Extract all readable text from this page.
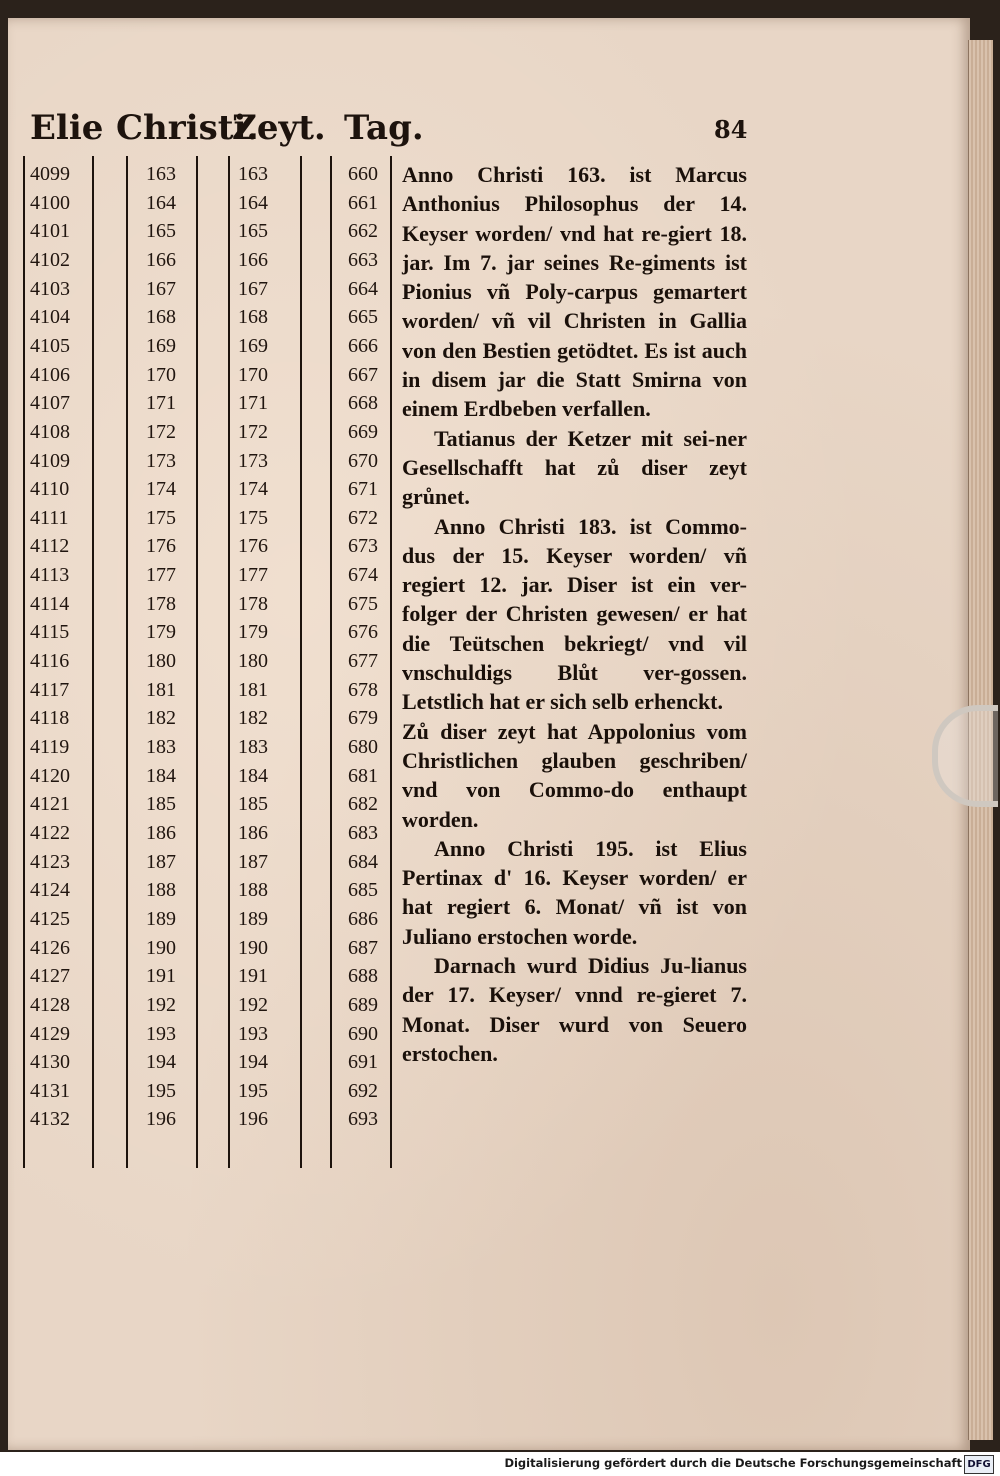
Elie Christi.
Zeyt. Tag.	84
4099
4100
4101
4102
4103
4104
4105
4106
4107
4108
4109
4110
4111
4112
4113
4114
4115
4116
4117
4118
4119
4120
4121
4122
4123
4124
4125
4126
4127
4128
4129
4130
4131
4132
163
164
165
166
167
168
169
170
171
172
173
174
175
176
177
178
179
180
181
182
183
184
185
186
187
188
189
190
191
192
193
194
195
196
163
164
165
166
167
168
169
170
171
172
173
174
175
176
177
178
179
180
181
182
183
184
185
186
187
188
189
190
191
192
193
194
195
196
660
661
662
663
664
665
666
667
668
669
670
671
672
673
674
675
676
677
678
679
680
681
682
683
684
685
686
687
688
689
690
691
692
693

Anno Christi 163. ist Marcus Anthonius Philosophus der 14. Keyser worden/ vnd hat re-giert 18. jar. Im 7. jar seines Re-giments ist Pionius vñ Poly-carpus gemartert worden/ vñ vil Christen in Gallia von den Bestien getödtet. Es ist auch in disem jar die Statt Smirna von einem Erdbeben verfallen.

Tatianus der Ketzer mit sei-ner Gesellschafft hat zů diser zeyt grůnet.

Anno Christi 183. ist Commo-dus der 15. Keyser worden/ vñ regiert 12. jar. Diser ist ein ver-folger der Christen gewesen/ er hat die Teütschen bekriegt/ vnd vil vnschuldigs Blůt ver-gossen. Letstlich hat er sich selb erhenckt.

Zů diser zeyt hat Appolonius vom Christlichen glauben geschriben/ vnd von Commo-do enthaupt worden.

Anno Christi 195. ist Elius Pertinax d' 16. Keyser worden/ er hat regiert 6. Monat/ vñ ist von Juliano erstochen worde.

Darnach wurd Didius Ju-lianus der 17. Keyser/ vnnd re-gieret 7. Monat. Diser wurd von Seuero erstochen.

Digitalisierung gefördert durch die Deutsche Forschungsgemeinschaft DFG
